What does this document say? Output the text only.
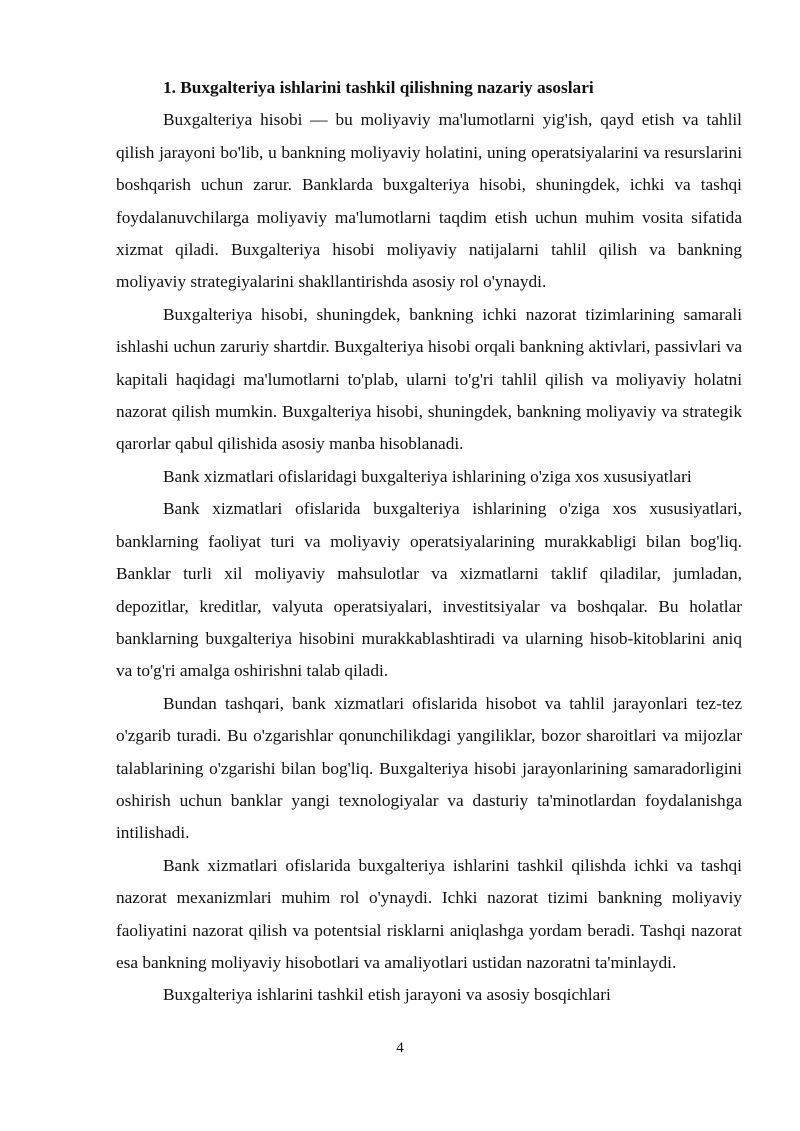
1. Buxgalteriya ishlarini tashkil qilishning nazariy asoslari

Buxgalteriya hisobi — bu moliyaviy ma'lumotlarni yig'ish, qayd etish va tahlil qilish jarayoni bo'lib, u bankning moliyaviy holatini, uning operatsiyalarini va resurslarini boshqarish uchun zarur. Banklarda buxgalteriya hisobi, shuningdek, ichki va tashqi foydalanuvchilarga moliyaviy ma'lumotlarni taqdim etish uchun muhim vosita sifatida xizmat qiladi. Buxgalteriya hisobi moliyaviy natijalarni tahlil qilish va bankning moliyaviy strategiyalarini shakllantirishda asosiy rol o'ynaydi.

Buxgalteriya hisobi, shuningdek, bankning ichki nazorat tizimlarining samarali ishlashi uchun zaruriy shartdir. Buxgalteriya hisobi orqali bankning aktivlari, passivlari va kapitali haqidagi ma'lumotlarni to'plab, ularni to'g'ri tahlil qilish va moliyaviy holatni nazorat qilish mumkin. Buxgalteriya hisobi, shuningdek, bankning moliyaviy va strategik qarorlar qabul qilishida asosiy manba hisoblanadi.

Bank xizmatlari ofislaridagi buxgalteriya ishlarining o'ziga xos xususiyatlari

Bank xizmatlari ofislarida buxgalteriya ishlarining o'ziga xos xususiyatlari, banklarning faoliyat turi va moliyaviy operatsiyalarining murakkabligi bilan bog'liq. Banklar turli xil moliyaviy mahsulotlar va xizmatlarni taklif qiladilar, jumladan, depozitlar, kreditlar, valyuta operatsiyalari, investitsiyalar va boshqalar. Bu holatlar banklarning buxgalteriya hisobini murakkablashtiradi va ularning hisob-kitoblarini aniq va to'g'ri amalga oshirishni talab qiladi.

Bundan tashqari, bank xizmatlari ofislarida hisobot va tahlil jarayonlari tez-tez o'zgarib turadi. Bu o'zgarishlar qonunchilikdagi yangiliklar, bozor sharoitlari va mijozlar talablarining o'zgarishi bilan bog'liq. Buxgalteriya hisobi jarayonlarining samaradorligini oshirish uchun banklar yangi texnologiyalar va dasturiy ta'minotlardan foydalanishga intilishadi.

Bank xizmatlari ofislarida buxgalteriya ishlarini tashkil qilishda ichki va tashqi nazorat mexanizmlari muhim rol o'ynaydi. Ichki nazorat tizimi bankning moliyaviy faoliyatini nazorat qilish va potentsial risklarni aniqlashga yordam beradi. Tashqi nazorat esa bankning moliyaviy hisobotlari va amaliyotlari ustidan nazoratni ta'minlaydi.

Buxgalteriya ishlarini tashkil etish jarayoni va asosiy bosqichlari

4
